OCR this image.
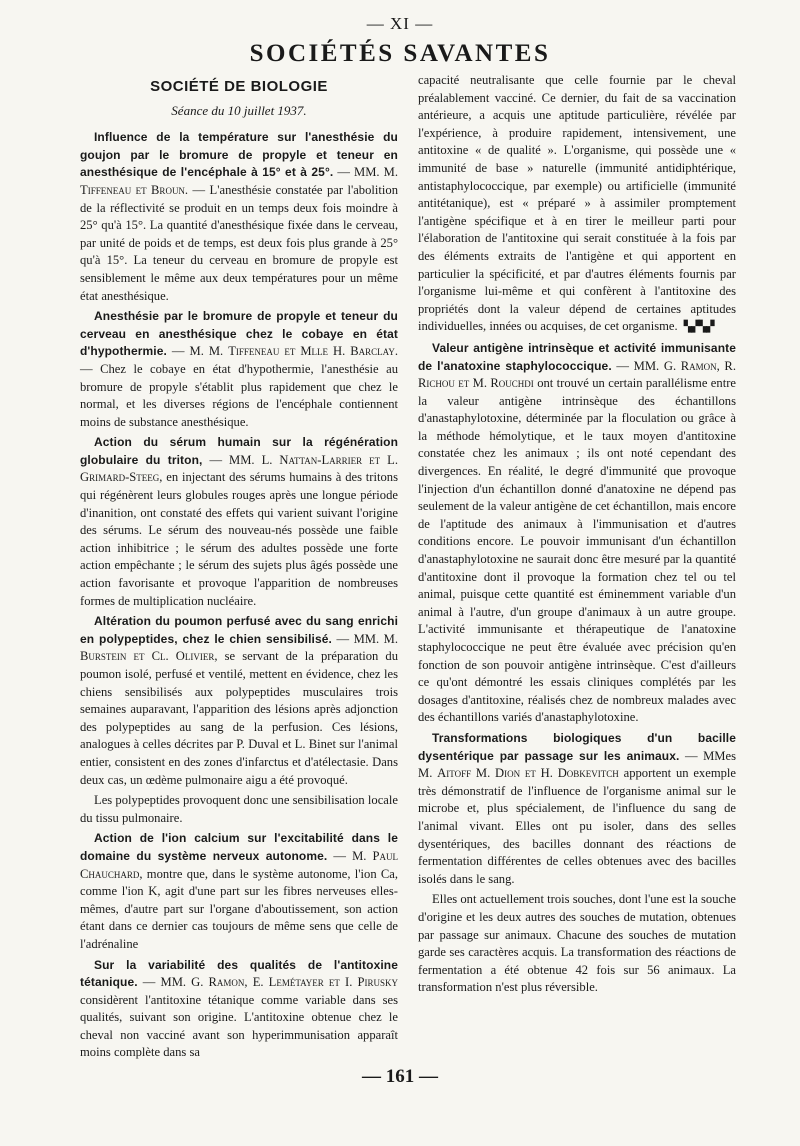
— XI —
SOCIÉTÉS SAVANTES
SOCIÉTÉ DE BIOLOGIE
Séance du 10 juillet 1937.

Influence de la température sur l'anesthésie du goujon par le bromure de propyle et teneur en anesthésique de l'encéphale à 15° et à 25°. — MM. M. Tiffeneau et Broun. — L'anesthésie constatée par l'abolition de la réflectivité se produit en un temps deux fois moindre à 25° qu'à 15°. La quantité d'anesthésique fixée dans le cerveau, par unité de poids et de temps, est deux fois plus grande à 25° qu'à 15°. La teneur du cerveau en bromure de propyle est sensiblement le même aux deux températures pour un même état anesthésique.

Anesthésie par le bromure de propyle et teneur du cerveau en anesthésique chez le cobaye en état d'hypothermie. — M. M. Tiffeneau et Mlle H. Barclay. — Chez le cobaye en état d'hypothermie, l'anesthésie au bromure de propyle s'établit plus rapidement que chez le normal, et les diverses régions de l'encéphale contiennent moins de substance anesthésique.

Action du sérum humain sur la régénération globulaire du triton, — MM. L. Nattan-Larrier et L. Grimard-Steeg, en injectant des sérums humains à des tritons qui régénèrent leurs globules rouges après une longue période d'inanition, ont constaté des effets qui varient suivant l'origine des sérums. Le sérum des nouveau-nés possède une faible action inhibitrice ; le sérum des adultes possède une forte action empêchante ; le sérum des sujets plus âgés possède une action favorisante et provoque l'apparition de nombreuses formes de multiplication nucléaire.

Altération du poumon perfusé avec du sang enrichi en polypeptides, chez le chien sensibilisé. — MM. M. Burstein et Cl. Olivier, se servant de la préparation du poumon isolé, perfusé et ventilé, mettent en évidence, chez les chiens sensibilisés aux polypeptides musculaires trois semaines auparavant, l'apparition des lésions après adjonction des polypeptides au sang de la perfusion. Ces lésions, analogues à celles décrites par P. Duval et L. Binet sur l'animal entier, consistent en des zones d'infarctus et d'atélectasie. Dans deux cas, un œdème pulmonaire aigu a été provoqué.

Les polypeptides provoquent donc une sensibilisation locale du tissu pulmonaire.

Action de l'ion calcium sur l'excitabilité dans le domaine du système nerveux autonome. — M. Paul Chauchard, montre que, dans le système autonome, l'ion Ca, comme l'ion K, agit d'une part sur les fibres nerveuses elles-mêmes, d'autre part sur l'organe d'aboutissement, son action étant dans ce dernier cas toujours de même sens que celle de l'adrénaline

Sur la variabilité des qualités de l'antitoxine tétanique. — MM. G. Ramon, E. Lemétayer et I. Pirusky considèrent l'antitoxine tétanique comme variable dans ses qualités, suivant son origine. L'antitoxine obtenue chez le cheval non vacciné avant son hyperimmunisation apparaît moins complète dans sa

capacité neutralisante que celle fournie par le cheval préalablement vacciné. Ce dernier, du fait de sa vaccination antérieure, a acquis une aptitude particulière, révélée par l'expérience, à produire rapidement, intensivement, une antitoxine « de qualité ». L'organisme, qui possède une « immunité de base » naturelle (immunité antidiphtérique, antistaphylococcique, par exemple) ou artificielle (immunité antitétanique), est « préparé » à assimiler promptement l'antigène spécifique et à en tirer le meilleur parti pour l'élaboration de l'antitoxine qui serait constituée à la fois par des éléments extraits de l'antigène et qui apportent en particulier la spécificité, et par d'autres éléments fournis par l'organisme lui-même et qui confèrent à l'antitoxine des propriétés dont la valeur dépend de certaines aptitudes individuelles, innées ou acquises, de cet organisme. ▚▞▚▞

Valeur antigène intrinsèque et activité immunisante de l'anatoxine staphylococcique. — MM. G. Ramon, R. Richou et M. Rouchdi ont trouvé un certain parallélisme entre la valeur antigène intrinsèque des échantillons d'anastaphylotoxine, déterminée par la floculation ou grâce à la méthode hémolytique, et le taux moyen d'antitoxine constatée chez les animaux ; ils ont noté cependant des divergences. En réalité, le degré d'immunité que provoque l'injection d'un échantillon donné d'anatoxine ne dépend pas seulement de la valeur antigène de cet échantillon, mais encore de l'aptitude des animaux à l'immunisation et d'autres conditions encore. Le pouvoir immunisant d'un échantillon d'anastaphylotoxine ne saurait donc être mesuré par la quantité d'antitoxine dont il provoque la formation chez tel ou tel animal, puisque cette quantité est éminemment variable d'un animal à l'autre, d'un groupe d'animaux à un autre groupe. L'activité immunisante et thérapeutique de l'anatoxine staphylococcique ne peut être évaluée avec précision qu'en fonction de son pouvoir antigène intrinsèque. C'est d'ailleurs ce qu'ont démontré les essais cliniques complétés par les dosages d'antitoxine, réalisés chez de nombreux malades avec des échantillons variés d'anastaphylotoxine.

Transformations biologiques d'un bacille dysentérique par passage sur les animaux. — MMes M. Aitoff M. Dion et H. Dobkevitch apportent un exemple très démonstratif de l'influence de l'organisme animal sur le microbe et, plus spécialement, de l'influence du sang de l'animal vivant. Elles ont pu isoler, dans des selles dysentériques, des bacilles donnant des réactions de fermentation différentes de celles obtenues avec des bacilles isolés dans le sang.

Elles ont actuellement trois souches, dont l'une est la souche d'origine et les deux autres des souches de mutation, obtenues par passage sur animaux. Chacune des souches de mutation garde ses caractères acquis. La transformation des réactions de fermentation a été obtenue 42 fois sur 56 animaux. La transformation n'est plus réversible.

— 161 —
